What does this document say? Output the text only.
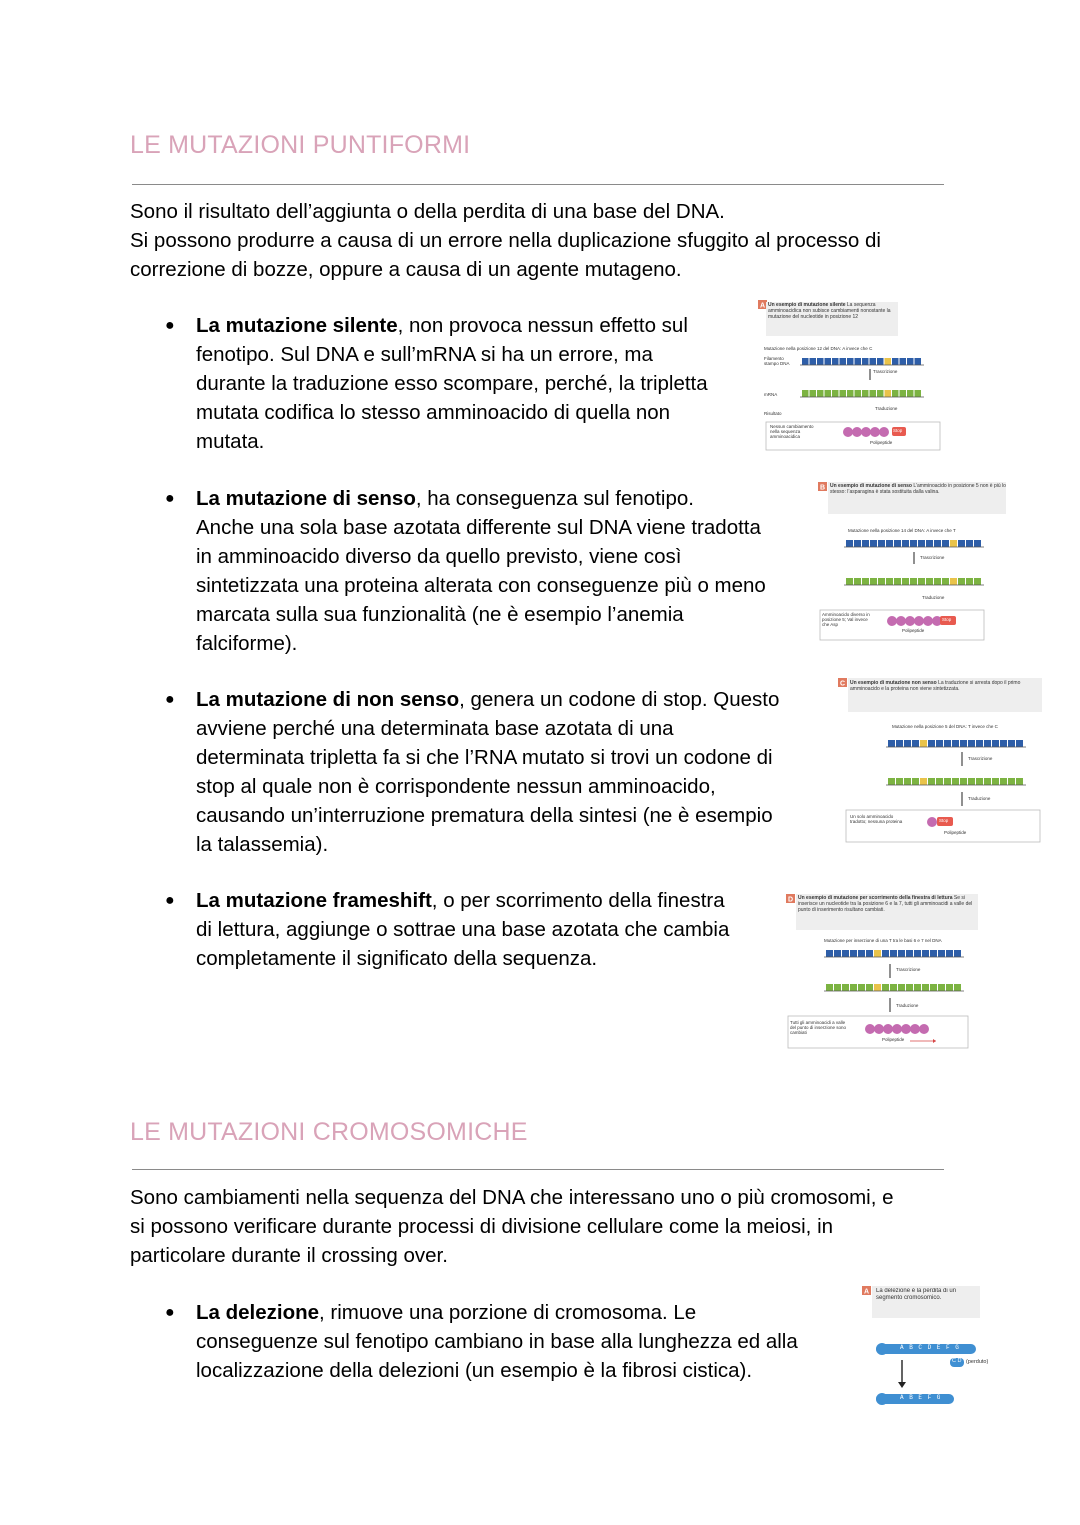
LE MUTAZIONI PUNTIFORMI
Sono il risultato dell’aggiunta o della perdita di una base del DNA.
Si possono produrre a causa di un errore nella duplicazione sfuggito al processo di
correzione di bozze, oppure a causa di un agente mutageno.
●	La mutazione silente, non provoca nessun effetto sul
fenotipo. Sul DNA e sull’mRNA si ha un errore, ma
durante la traduzione esso scompare, perché, la tripletta
mutata codifica lo stesso amminoacido di quella non
mutata.
●	La mutazione di senso, ha conseguenza sul fenotipo.
Anche una sola base azotata differente sul DNA viene tradotta
in amminoacido diverso da quello previsto, viene così
sintetizzata una proteina alterata con conseguenze più o meno
marcata sulla sua funzionalità (ne è esempio l’anemia
falciforme).
●	La mutazione di non senso, genera un codone di stop. Questo
avviene perché una determinata base azotata di una
determinata tripletta fa si che l’RNA mutato si trovi un codone di
stop al quale non è corrispondente nessun amminoacido,
causando un’interruzione prematura della sintesi (ne è esempio
la talassemia).
●	La mutazione frameshift, o per scorrimento della finestra
di lettura, aggiunge o sottrae una base azotata che cambia
completamente il significato della sequenza.
A Un esempio di mutazione silente La sequenza amminoacidica non subisce cambiamenti nonostante la mutazione del nucleotide in posizione 12
Mutazione nella posizione 12 del DNA: A invece che C
Filamento stampo DNA
Trascrizione
mRNA
Risultato
Traduzione
Nessun cambiamento nella sequenza amminoacidica
Polipeptide
Stop
B Un esempio di mutazione di senso L’amminoacido in posizione 5 non è più lo stesso: l’asparagina è stata sostituita dalla valina.
Mutazione nella posizione 14 del DNA: A invece che T
Trascrizione
Traduzione
Amminoacido diverso in posizione 5; Val invece che Asp
Polipeptide
Stop
C Un esempio di mutazione non senso La traduzione si arresta dopo il primo amminoacido e la proteina non viene sintetizzata.
Mutazione nella posizione 5 del DNA: T invece che C
Trascrizione
Traduzione
Un solo amminoacido tradotto; nessuna proteina	Stop
Polipeptide
D Un esempio di mutazione per scorrimento della finestra di lettura Se si inserisce un nucleotide tra la posizione 6 e la 7, tutti gli amminoacidi a valle del punto di inserimento risultano cambiati.
Mutazione per inserzione di una T tra le basi 6 e 7 nel DNA
Trascrizione
Traduzione
Tutti gli amminoacidi a valle del punto di inserzione sono cambiati
Polipeptide
LE MUTAZIONI CROMOSOMICHE
Sono cambiamenti nella sequenza del DNA che interessano uno o più cromosomi, e
si possono verificare durante processi di divisione cellulare come la meiosi, in
particolare durante il crossing over.
●	La delezione, rimuove una porzione di cromosoma. Le
conseguenze sul fenotipo cambiano in base alla lunghezza ed alla
localizzazione della delezioni (un esempio è la fibrosi cistica).
A La delezione è la perdita di un segmento cromosomico.
A B C D E F G
C D (perduto)
A B E F G
